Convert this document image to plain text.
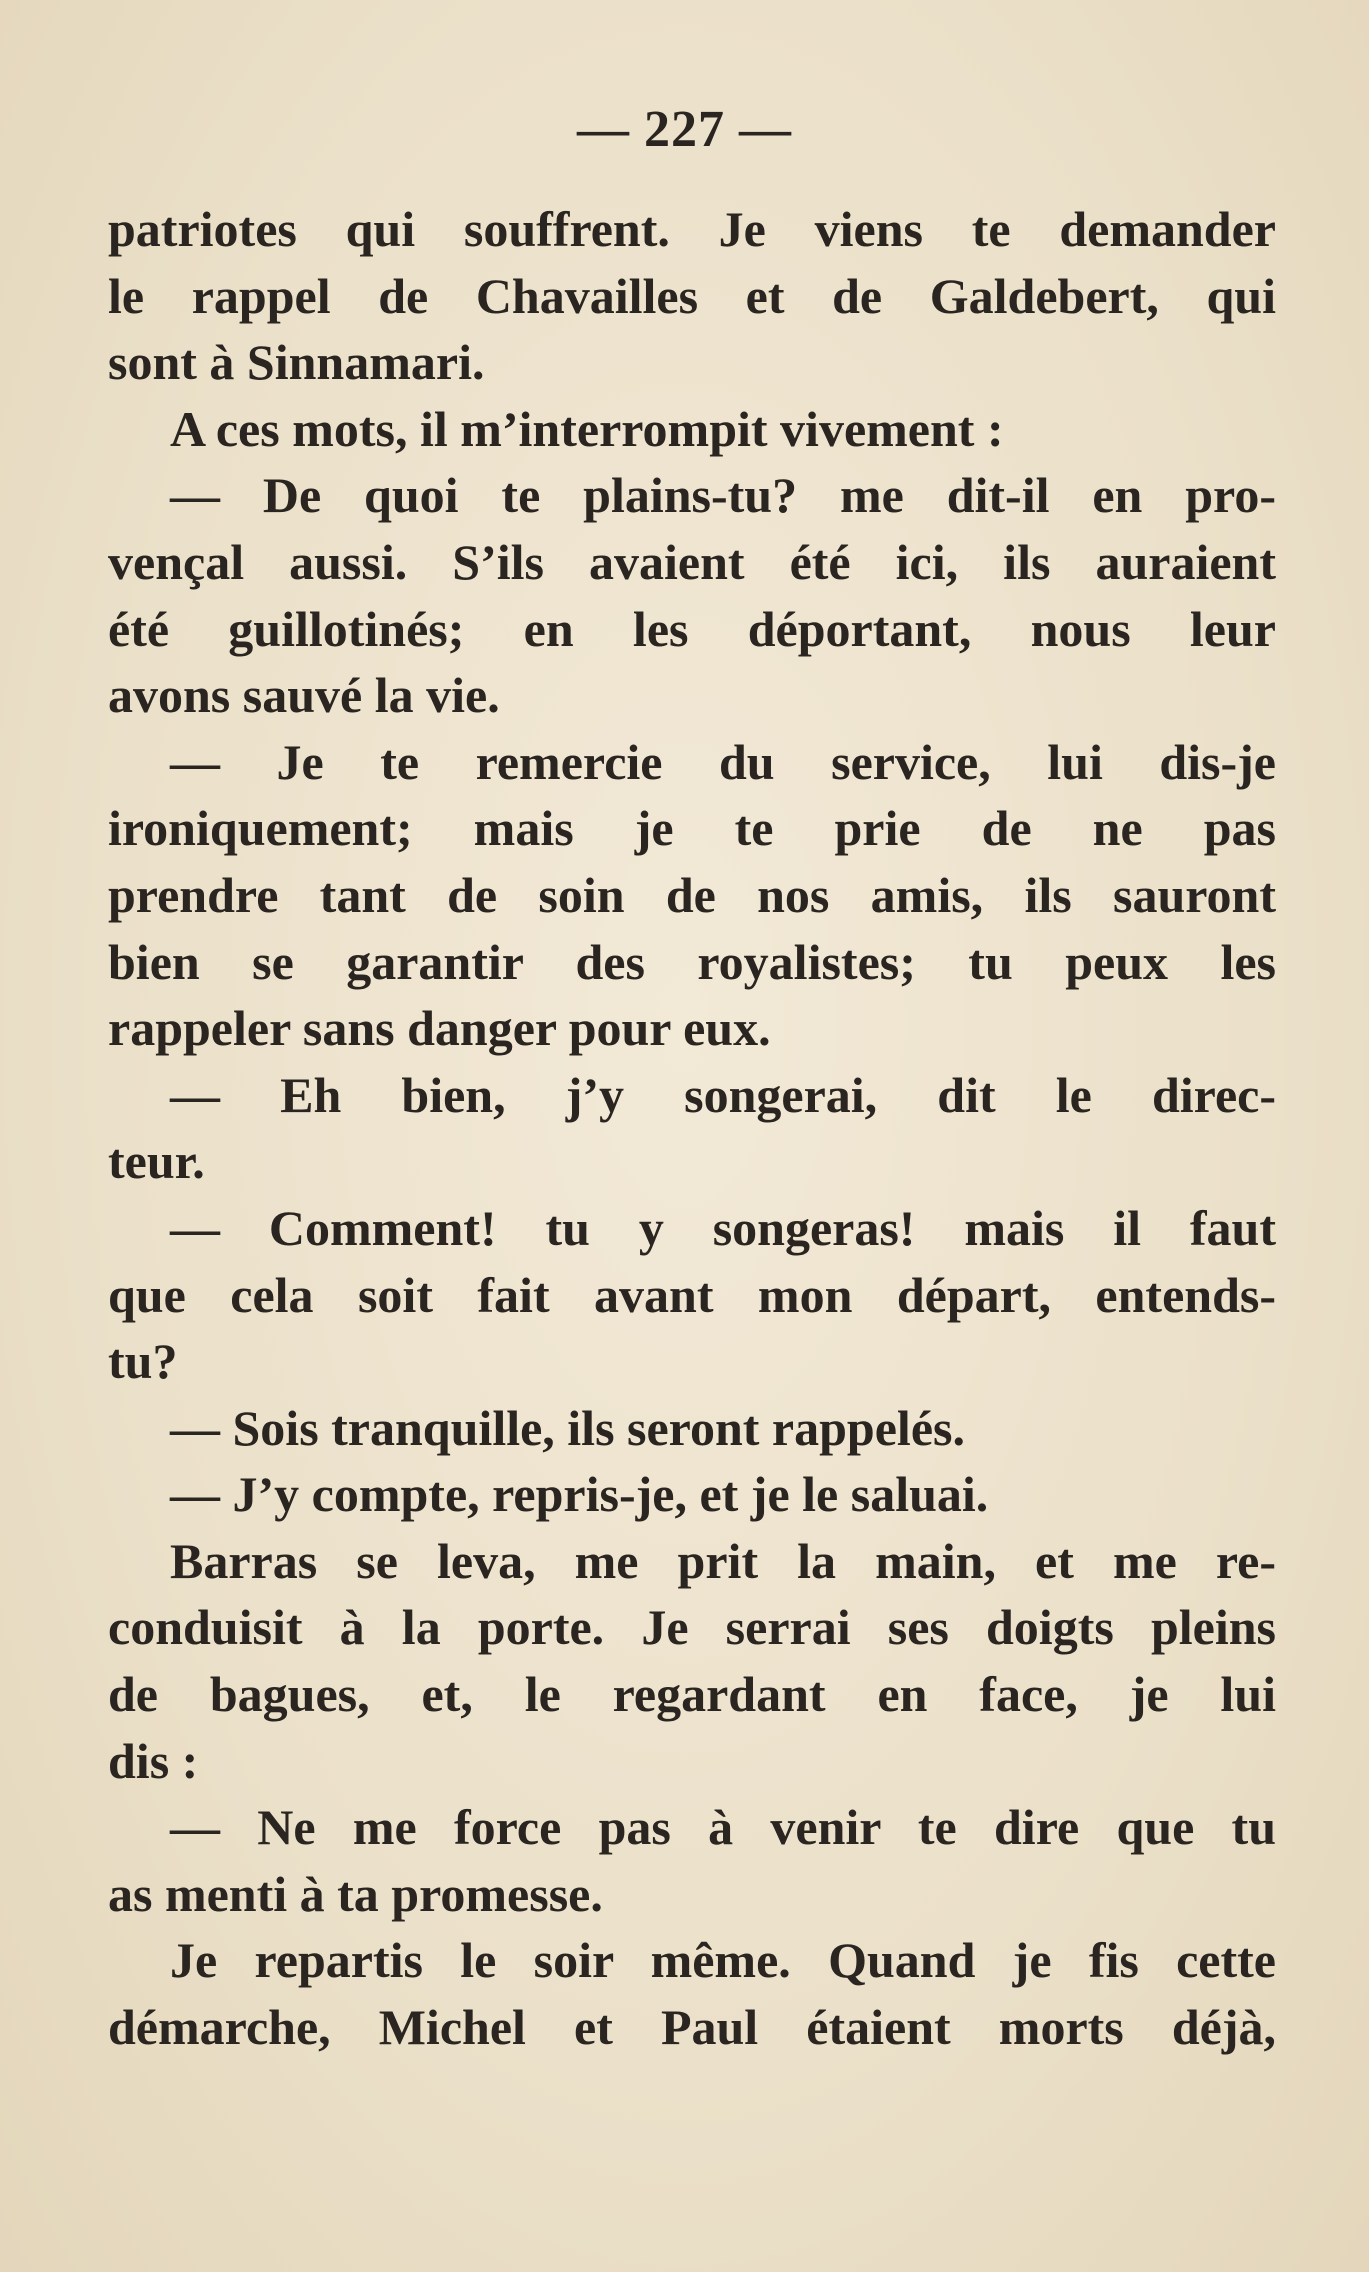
— 227 —
patriotes qui souffrent. Je viens te demander
le rappel de Chavailles et de Galdebert, qui
sont à Sinnamari.
A ces mots, il m’interrompit vivement :
— De quoi te plains-tu? me dit-il en pro-
vençal aussi. S’ils avaient été ici, ils auraient
été guillotinés; en les déportant, nous leur
avons sauvé la vie.
— Je te remercie du service, lui dis-je
ironiquement; mais je te prie de ne pas
prendre tant de soin de nos amis, ils sauront
bien se garantir des royalistes; tu peux les
rappeler sans danger pour eux.
— Eh bien, j’y songerai, dit le direc-
teur.
— Comment! tu y songeras! mais il faut
que cela soit fait avant mon départ, entends-
tu?
— Sois tranquille, ils seront rappelés.
— J’y compte, repris-je, et je le saluai.
Barras se leva, me prit la main, et me re-
conduisit à la porte. Je serrai ses doigts pleins
de bagues, et, le regardant en face, je lui
dis :
— Ne me force pas à venir te dire que tu
as menti à ta promesse.
Je repartis le soir même. Quand je fis cette
démarche, Michel et Paul étaient morts déjà,
